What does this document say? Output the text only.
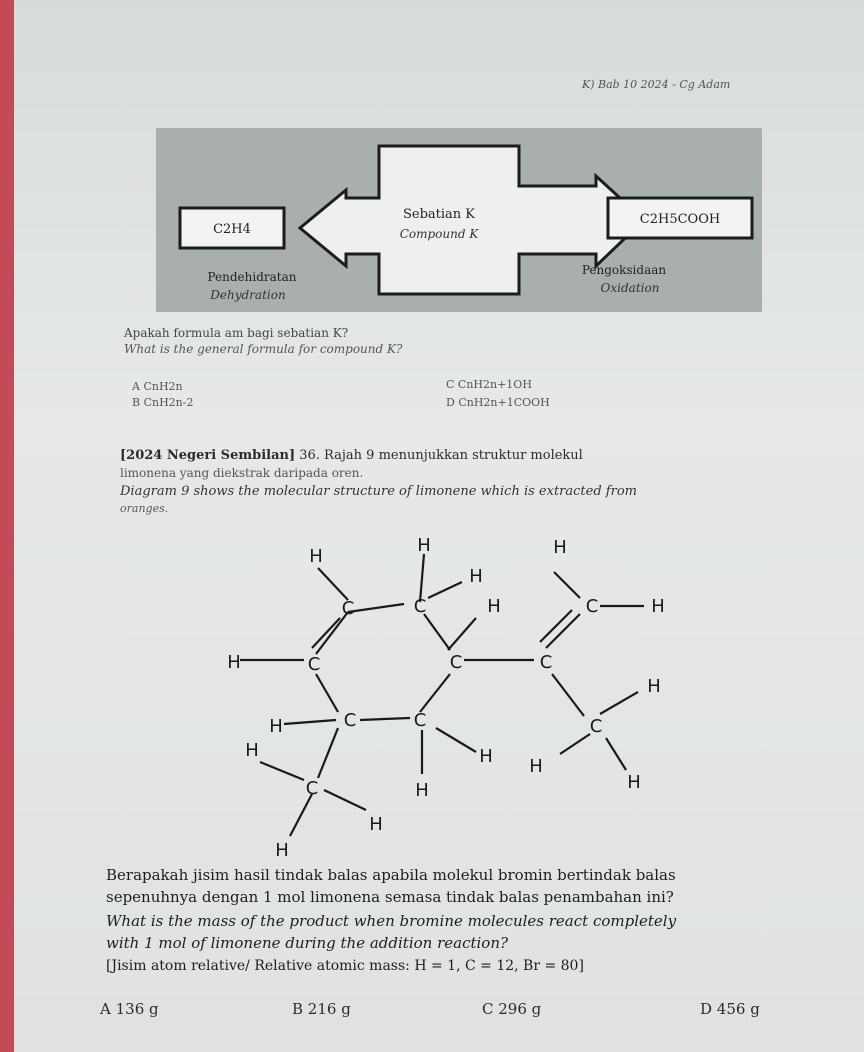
K) Bab 10 2024 - Cg Adam
Sebatian K
Compound K
C2H4
C2H5COOH
Pendehidratan
Dehydration
Pengoksidaan
Oxidation
Apakah formula am bagi sebatian K?
What is the general formula for compound K?
A CnH2n
B CnH2n-2
C CnH2n+1OH
D CnH2n+1COOH
[2024 Negeri Sembilan] 36. Rajah 9 menunjukkan struktur molekul
limonena yang diekstrak daripada oren.
Diagram 9 shows the molecular structure of limonene which is extracted from
oranges.
H
H	H
H
H
C	C	C	H
H	C	C	C
H
H	C	C	C
H	H H
C	H	H
H
H
Berapakah jisim hasil tindak balas apabila molekul bromin bertindak balas
sepenuhnya dengan 1 mol limonena semasa tindak balas penambahan ini?
What is the mass of the product when bromine molecules react completely
with 1 mol of limonene during the addition reaction?
[Jisim atom relative/ Relative atomic mass: H = 1, C = 12, Br = 80]
A 136 g	B 216 g	C 296 g	D 456 g
